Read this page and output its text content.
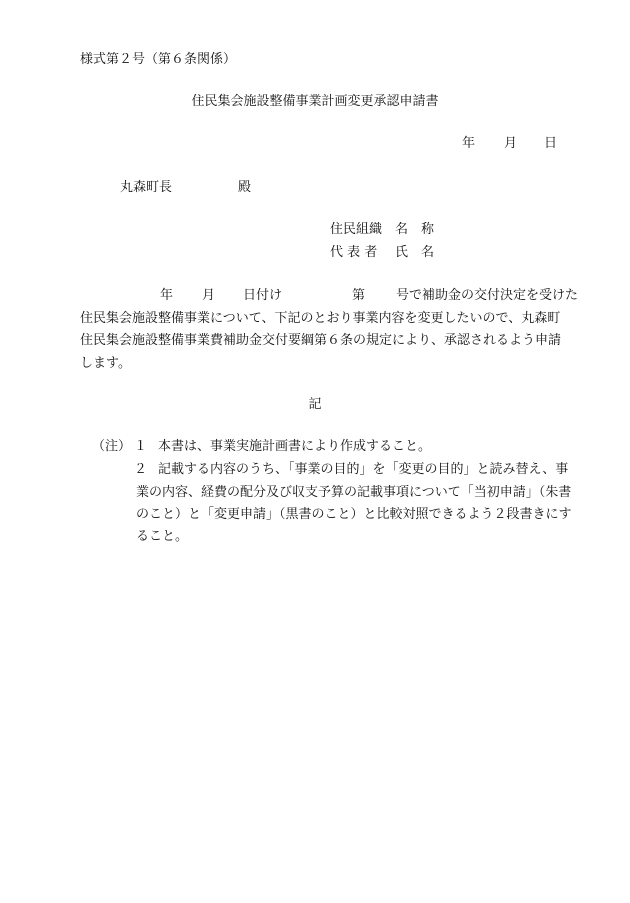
様式第２号（第６条関係）
住民集会施設整備事業計画変更承認申請書
年 月 日
丸森町長	殿
住民組織 名　称
代 表 者 氏　名
年 月 日付け	第 号で補助金の交付決定を受けた
住民集会施設整備事業について、下記のとおり事業内容を変更したいので、丸森町
住民集会施設整備事業費補助金交付要綱第６条の規定により、承認されるよう申請
します。
記
（注） １ 本書は、事業実施計画書により作成すること。
２ 記載する内容のうち、「事業の目的」を「変更の目的」と読み替え、事
業の内容、経費の配分及び収支予算の記載事項について「当初申請」（朱書
のこと）と「変更申請」（黒書のこと）と比較対照できるよう２段書きにす
ること。
